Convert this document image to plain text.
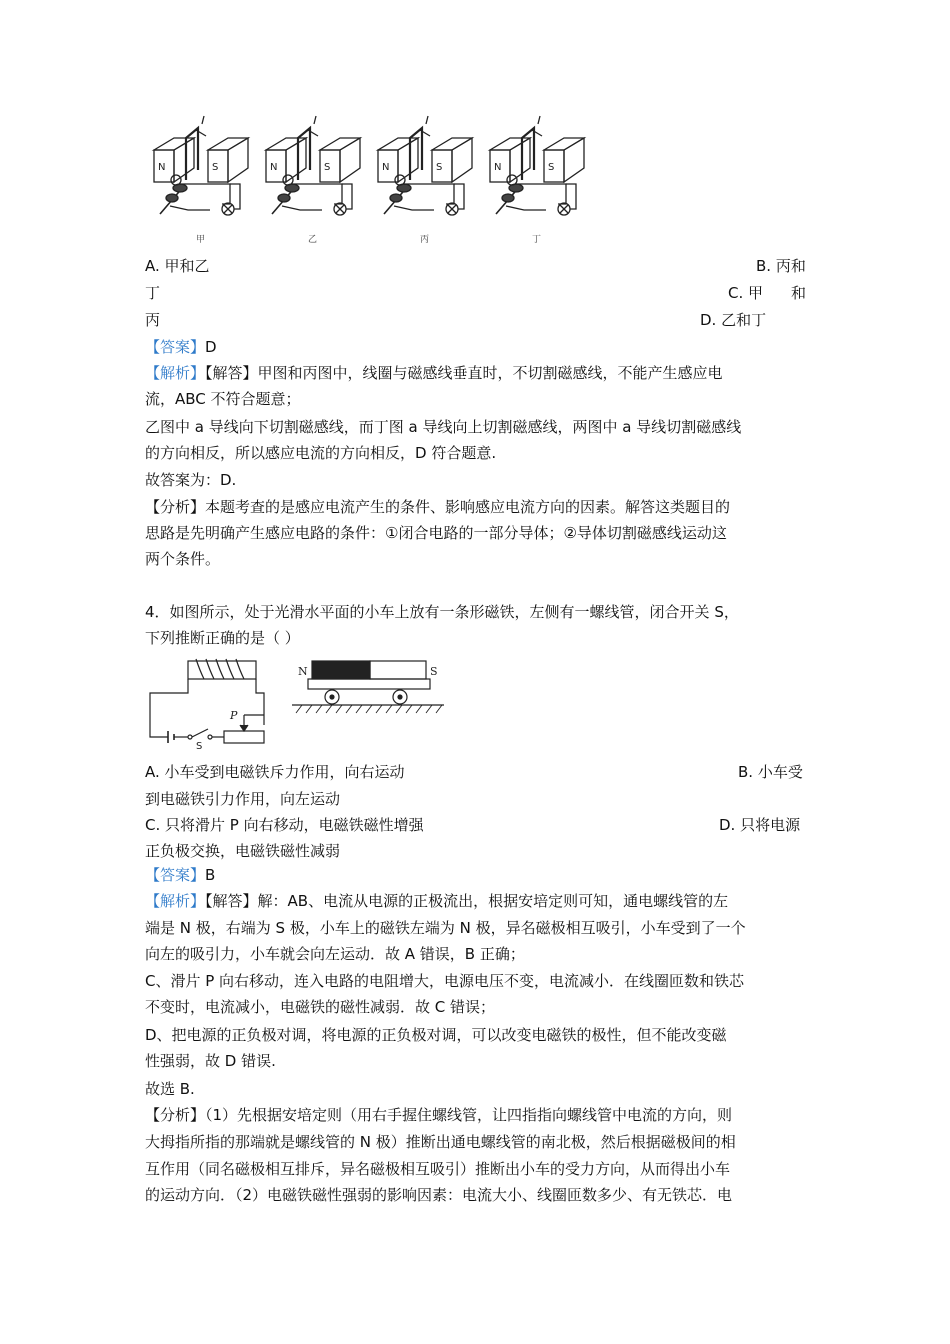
N	S	N	S	N	S	N	S
甲	乙	丙	丁
A. 甲和乙	B. 丙和
丁	C. 甲 和
丙	D. 乙和丁
【答案】D
【解析】【解答】甲图和丙图中，线圈与磁感线垂直时，不切割磁感线，不能产生感应电
流，ABC 不符合题意；
乙图中 a 导线向下切割磁感线，而丁图 a 导线向上切割磁感线，两图中 a 导线切割磁感线
的方向相反，所以感应电流的方向相反，D 符合题意.
故答案为：D.
【分析】本题考查的是感应电流产生的条件、影响感应电流方向的因素。解答这类题目的
思路是先明确产生感应电路的条件：①闭合电路的一部分导体；②导体切割磁感线运动这
两个条件。
4．如图所示，处于光滑水平面的小车上放有一条形磁铁，左侧有一螺线管，闭合开关 S，
下列推断正确的是（ ）
P
S
N	S
A. 小车受到电磁铁斥力作用，向右运动	B. 小车受
到电磁铁引力作用，向左运动
C. 只将滑片 P 向右移动，电磁铁磁性增强	D. 只将电源
正负极交换，电磁铁磁性减弱
【答案】B
【解析】【解答】解：AB、电流从电源的正极流出，根据安培定则可知，通电螺线管的左
端是 N 极，右端为 S 极，小车上的磁铁左端为 N 极，异名磁极相互吸引，小车受到了一个
向左的吸引力，小车就会向左运动．故 A 错误，B 正确；
C、滑片 P 向右移动，连入电路的电阻增大，电源电压不变，电流减小．在线圈匝数和铁芯
不变时，电流减小，电磁铁的磁性减弱．故 C 错误；
D、把电源的正负极对调，将电源的正负极对调，可以改变电磁铁的极性，但不能改变磁
性强弱，故 D 错误.
故选 B.
【分析】（1）先根据安培定则（用右手握住螺线管，让四指指向螺线管中电流的方向，则
大拇指所指的那端就是螺线管的 N 极）推断出通电螺线管的南北极，然后根据磁极间的相
互作用（同名磁极相互排斥，异名磁极相互吸引）推断出小车的受力方向，从而得出小车
的运动方向．（2）电磁铁磁性强弱的影响因素：电流大小、线圈匝数多少、有无铁芯．电
